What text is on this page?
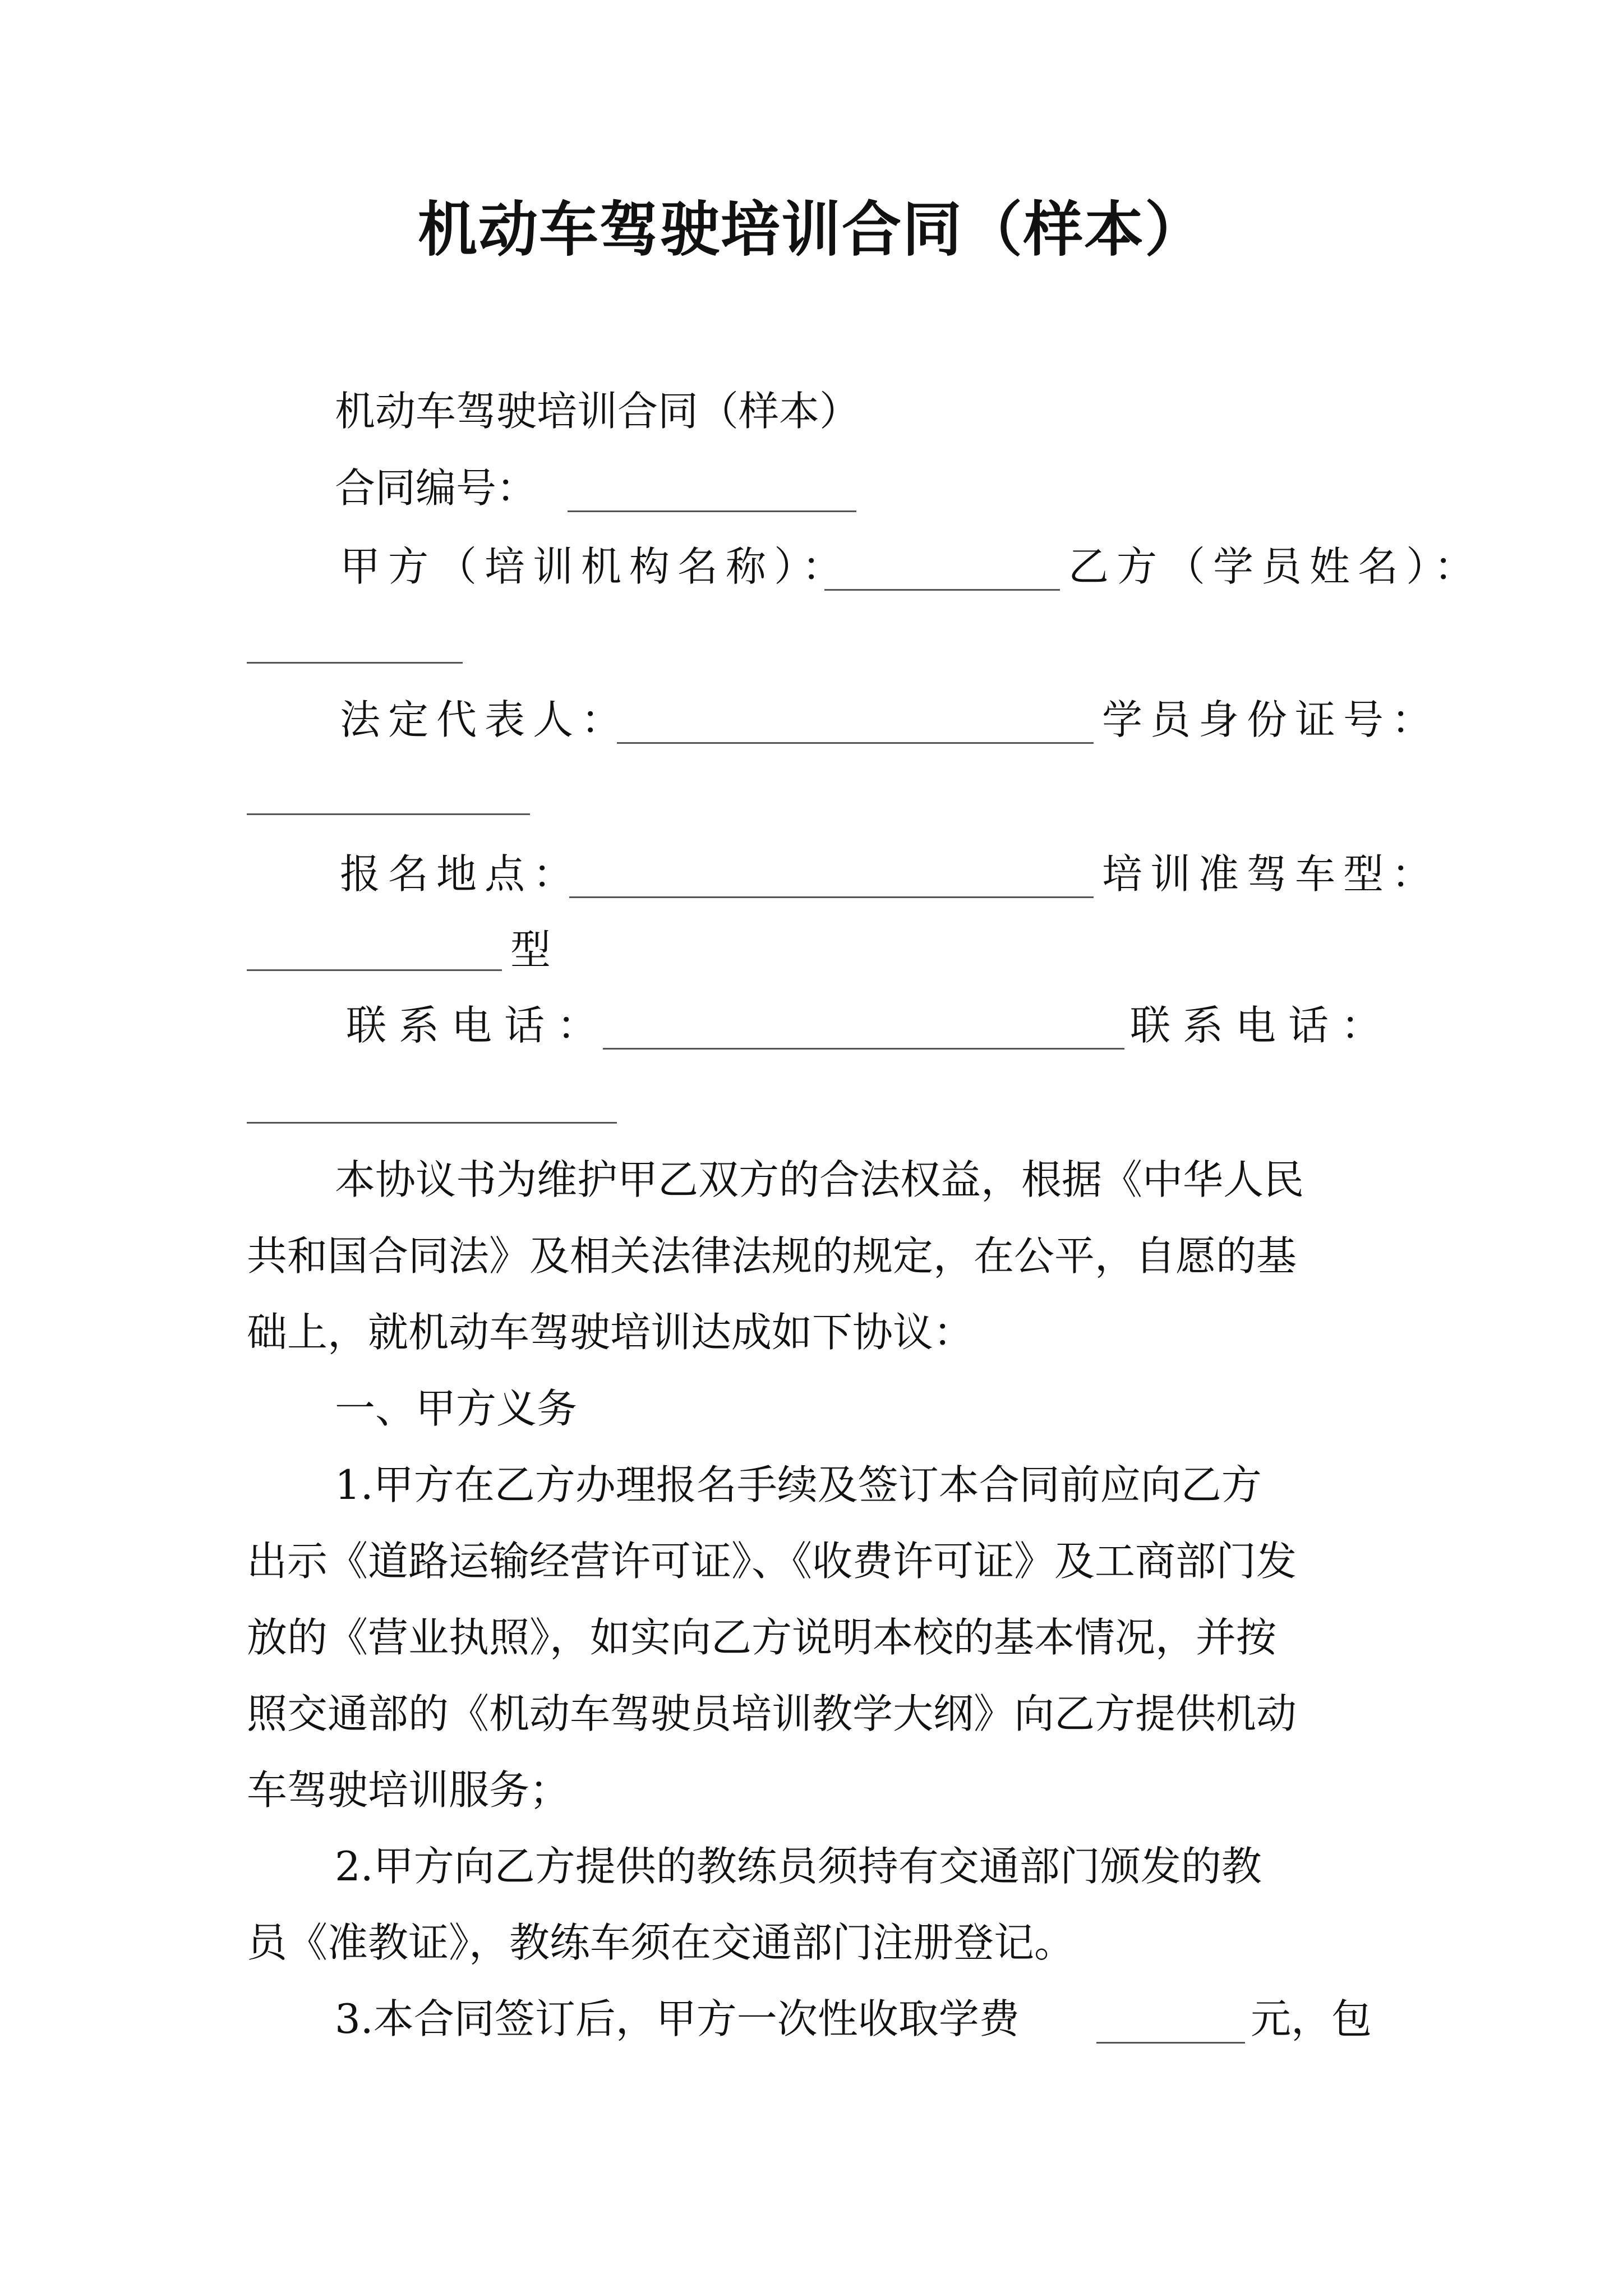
机动车驾驶培训合同（样本）
机动车驾驶培训合同（样本）
合同编号：
甲方（培训机构名称）：	乙方（学员姓名）：
法定代表人：	学员身份证号：
报名地点：	培训准驾车型：
型
联系电话：	联系电话：
本协议书为维护甲乙双方的合法权益，根据《中华人民
共和国合同法》及相关法律法规的规定，在公平，自愿的基
础上，就机动车驾驶培训达成如下协议：
一、甲方义务
1.甲方在乙方办理报名手续及签订本合同前应向乙方
出示《道路运输经营许可证》、《收费许可证》及工商部门发
放的《营业执照》，如实向乙方说明本校的基本情况，并按
照交通部的《机动车驾驶员培训教学大纲》向乙方提供机动
车驾驶培训服务；
2.甲方向乙方提供的教练员须持有交通部门颁发的教
员《准教证》，教练车须在交通部门注册登记。
3.本合同签订后，甲方一次性收取学费	元，包
